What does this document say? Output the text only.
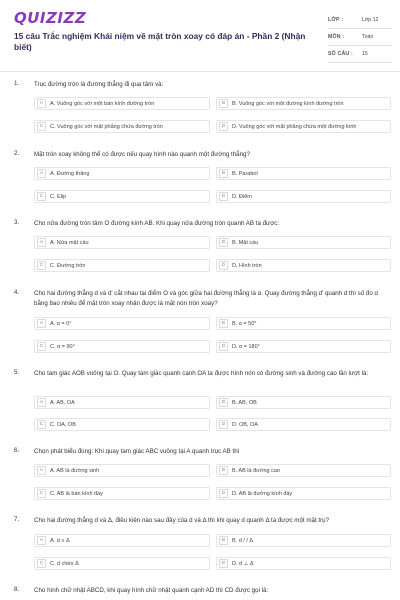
QUIZIZZ
15 câu Trắc nghiệm Khái niệm về mặt tròn xoay có đáp án - Phần 2 (Nhận biết)
LỚP :	Lớp 12
MÔN :	Toán
SỐ CÂU :	15
1. Trục đường tròn là đường thẳng đi qua tâm và:
A	A. Vuông góc với một bán kính đường tròn	B	B. Vuông góc với một đường kính đường tròn
C	C. Vuông góc với mặt phẳng chứa đường tròn	D	D. Vuông góc với mặt phẳng chứa một đường kính
2. Mặt tròn xoay không thể có được nếu quay hình nào quanh một đường thẳng?
A	A. Đường thẳng	B	B. Parabol
C	C. Elip	D	D. Điểm
3. Cho nửa đường tròn tâm O đường kính AB. Khi quay nửa đường tròn quanh AB ta được:
A	A. Nửa mặt cầu	B	B. Mặt cầu
C	C. Đường tròn	D	D. Hình tròn
4. Cho hai đường thẳng d và d' cắt nhau tại điểm O và góc giữa hai đường thẳng là α. Quay đường thẳng d' quanh d thì số đo α bằng bao nhiêu để mặt tròn xoay nhận được là mặt nón tròn xoay?
A	A. α = 0°	B	B. α = 50°
C	C. α = 90°	D	D. α = 180°
5. Cho tam giác AOB vuông tại O. Quay tam giác quanh cạnh OA ta được hình nón có đường sinh và đường cao lần lượt là:
A	A. AB, OA	B	B. AB, OB
C	C. OA, OB	D	D. OB, OA
6. Chọn phát biểu đúng: Khi quay tam giác ABC vuông tại A quanh trục AB thì
A	A. AB là đường sinh	B	B. AB là đường cao
C	C. AB là bán kính đáy	D	D. AB là đường kính đáy
7. Cho hai đường thẳng d và Δ, điều kiện nào sau đây của d và Δ thì khi quay d quanh Δ ta được một mặt trụ?
A	A. d ≡ Δ	B	B. d / / Δ
C	C. d chéo Δ	D	D. d ⊥ Δ
8. Cho hình chữ nhật ABCD, khi quay hình chữ nhật quanh cạnh AD thì CD được gọi là:
